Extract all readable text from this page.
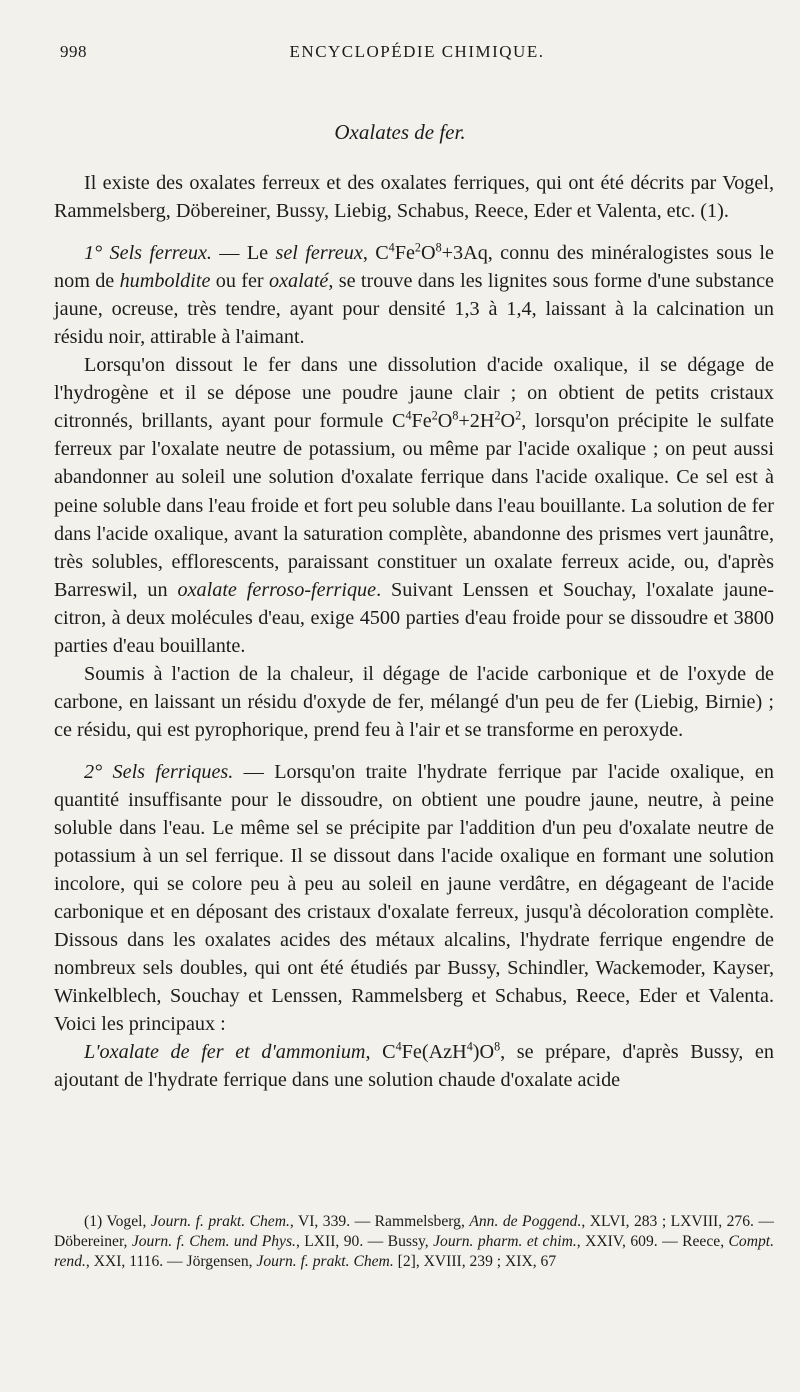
998	ENCYCLOPÉDIE CHIMIQUE.
Oxalates de fer.

Il existe des oxalates ferreux et des oxalates ferriques, qui ont été décrits par Vogel, Rammelsberg, Döbereiner, Bussy, Liebig, Schabus, Reece, Eder et Valenta, etc. (1).

1° Sels ferreux. — Le sel ferreux, $C^4Fe^2O^8+3Aq$, connu des minéralogistes sous le nom de humboldite ou fer oxalaté, se trouve dans les lignites sous forme d'une substance jaune, ocreuse, très tendre, ayant pour densité 1,3 à 1,4, laissant à la calcination un résidu noir, attirable à l'aimant.

Lorsqu'on dissout le fer dans une dissolution d'acide oxalique, il se dégage de l'hydrogène et il se dépose une poudre jaune clair ; on obtient de petits cristaux citronnés, brillants, ayant pour formule $C^4Fe^2O^8+2H^2O^2$, lorsqu'on précipite le sulfate ferreux par l'oxalate neutre de potassium, ou même par l'acide oxalique ; on peut aussi abandonner au soleil une solution d'oxalate ferrique dans l'acide oxalique. Ce sel est à peine soluble dans l'eau froide et fort peu soluble dans l'eau bouillante. La solution de fer dans l'acide oxalique, avant la saturation complète, abandonne des prismes vert jaunâtre, très solubles, efflorescents, paraissant constituer un oxalate ferreux acide, ou, d'après Barreswil, un oxalate ferroso-ferrique. Suivant Lenssen et Souchay, l'oxalate jaune-citron, à deux molécules d'eau, exige 4500 parties d'eau froide pour se dissoudre et 3800 parties d'eau bouillante.

Soumis à l'action de la chaleur, il dégage de l'acide carbonique et de l'oxyde de carbone, en laissant un résidu d'oxyde de fer, mélangé d'un peu de fer (Liebig, Birnie) ; ce résidu, qui est pyrophorique, prend feu à l'air et se transforme en peroxyde.

2° Sels ferriques. — Lorsqu'on traite l'hydrate ferrique par l'acide oxalique, en quantité insuffisante pour le dissoudre, on obtient une poudre jaune, neutre, à peine soluble dans l'eau. Le même sel se précipite par l'addition d'un peu d'oxalate neutre de potassium à un sel ferrique. Il se dissout dans l'acide oxalique en formant une solution incolore, qui se colore peu à peu au soleil en jaune verdâtre, en dégageant de l'acide carbonique et en déposant des cristaux d'oxalate ferreux, jusqu'à décoloration complète. Dissous dans les oxalates acides des métaux alcalins, l'hydrate ferrique engendre de nombreux sels doubles, qui ont été étudiés par Bussy, Schindler, Wackemoder, Kayser, Winkelblech, Souchay et Lenssen, Rammelsberg et Schabus, Reece, Eder et Valenta. Voici les principaux :

L'oxalate de fer et d'ammonium, $C^4Fe(AzH^4)O^8$, se prépare, d'après Bussy, en ajoutant de l'hydrate ferrique dans une solution chaude d'oxalate acide

(1) Vogel, Journ. f. prakt. Chem., VI, 339. — Rammelsberg, Ann. de Poggend., XLVI, 283 ; LXVIII, 276. — Döbereiner, Journ. f. Chem. und Phys., LXII, 90. — Bussy, Journ. pharm. et chim., XXIV, 609. — Reece, Compt. rend., XXI, 1116. — Jörgensen, Journ. f. prakt. Chem. [2], XVIII, 239 ; XIX, 67
